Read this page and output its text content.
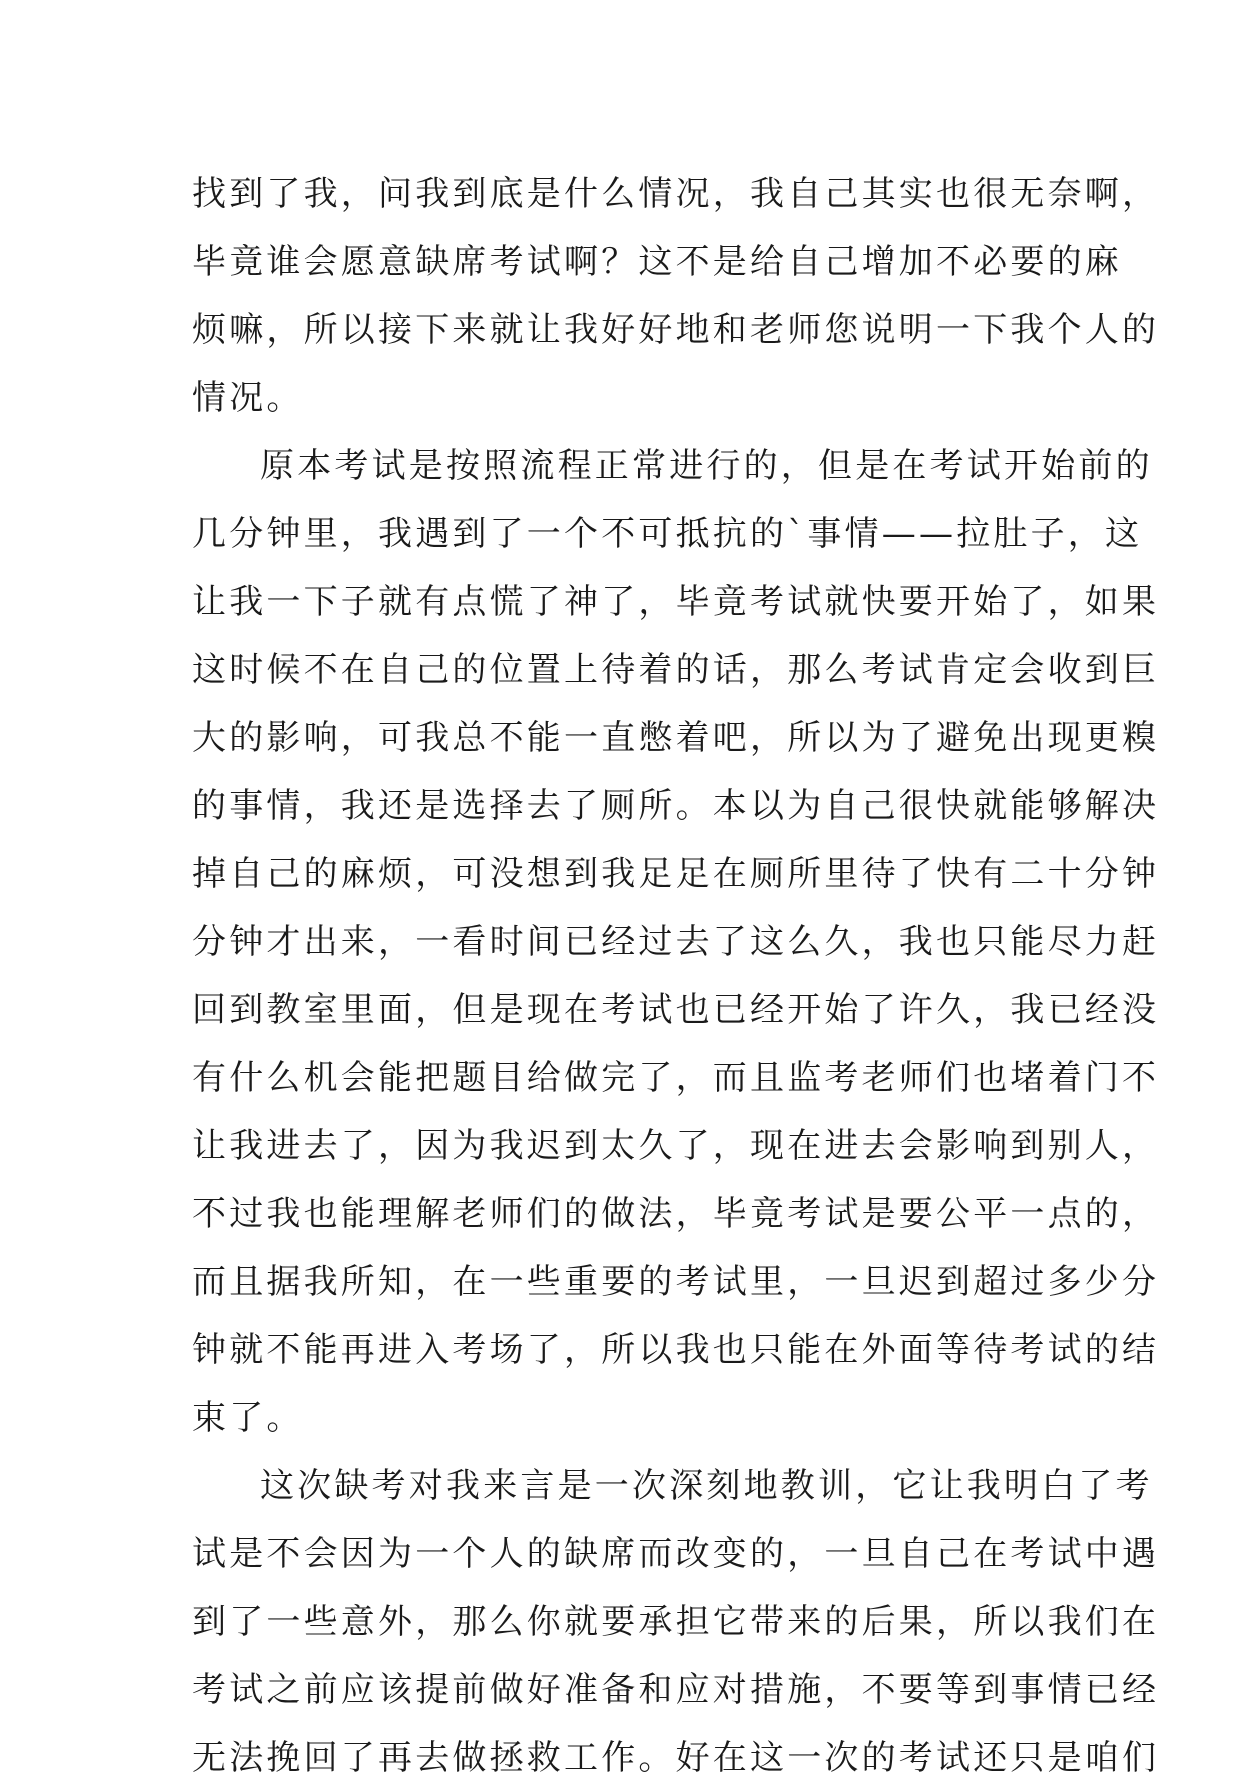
找到了我，问我到底是什么情况，我自己其实也很无奈啊，
毕竟谁会愿意缺席考试啊？这不是给自己增加不必要的麻
烦嘛，所以接下来就让我好好地和老师您说明一下我个人的
情况。
原本考试是按照流程正常进行的，但是在考试开始前的
几分钟里，我遇到了一个不可抵抗的`事情——拉肚子，这
让我一下子就有点慌了神了，毕竟考试就快要开始了，如果
这时候不在自己的位置上待着的话，那么考试肯定会收到巨
大的影响，可我总不能一直憋着吧，所以为了避免出现更糗
的事情，我还是选择去了厕所。本以为自己很快就能够解决
掉自己的麻烦，可没想到我足足在厕所里待了快有二十分钟
分钟才出来，一看时间已经过去了这么久，我也只能尽力赶
回到教室里面，但是现在考试也已经开始了许久，我已经没
有什么机会能把题目给做完了，而且监考老师们也堵着门不
让我进去了，因为我迟到太久了，现在进去会影响到别人，
不过我也能理解老师们的做法，毕竟考试是要公平一点的，
而且据我所知，在一些重要的考试里，一旦迟到超过多少分
钟就不能再进入考场了，所以我也只能在外面等待考试的结
束了。
这次缺考对我来言是一次深刻地教训，它让我明白了考
试是不会因为一个人的缺席而改变的，一旦自己在考试中遇
到了一些意外，那么你就要承担它带来的后果，所以我们在
考试之前应该提前做好准备和应对措施，不要等到事情已经
无法挽回了再去做拯救工作。好在这一次的考试还只是咱们
